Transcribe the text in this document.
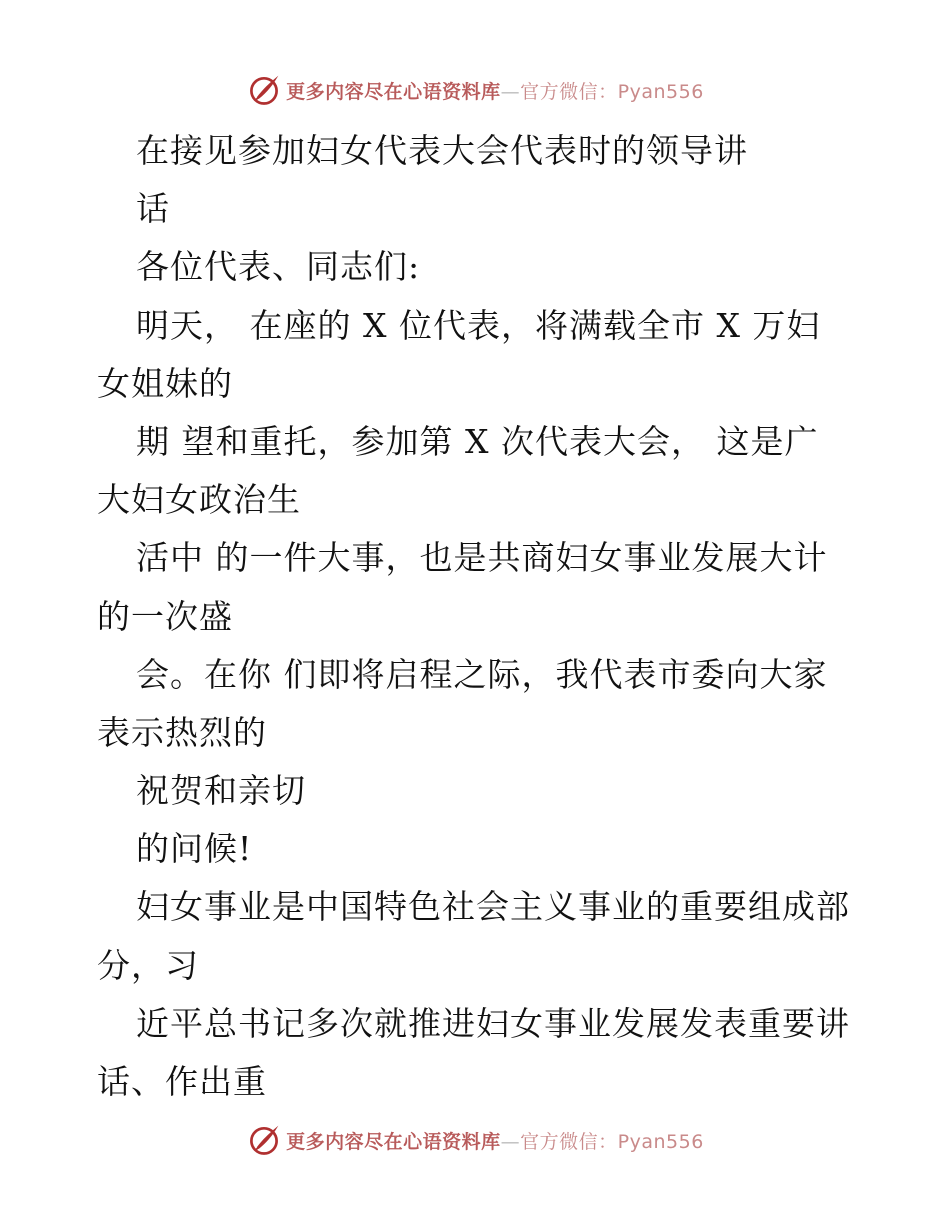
更多内容尽在心语资料库—官方微信：Pyan556
在接见参加妇女代表大会代表时的领导讲
话
各位代表、同志们:
明天， 在座的 X 位代表，将满载全市 X 万妇
女姐妹的
期 望和重托，参加第 X 次代表大会， 这是广
大妇女政治生
活中 的一件大事，也是共商妇女事业发展大计
的一次盛
会。在你 们即将启程之际，我代表市委向大家
表示热烈的
祝贺和亲切
的问候!
妇女事业是中国特色社会主义事业的重要组成部
分，习
近平总书记多次就推进妇女事业发展发表重要讲
话、作出重
更多内容尽在心语资料库—官方微信：Pyan556
